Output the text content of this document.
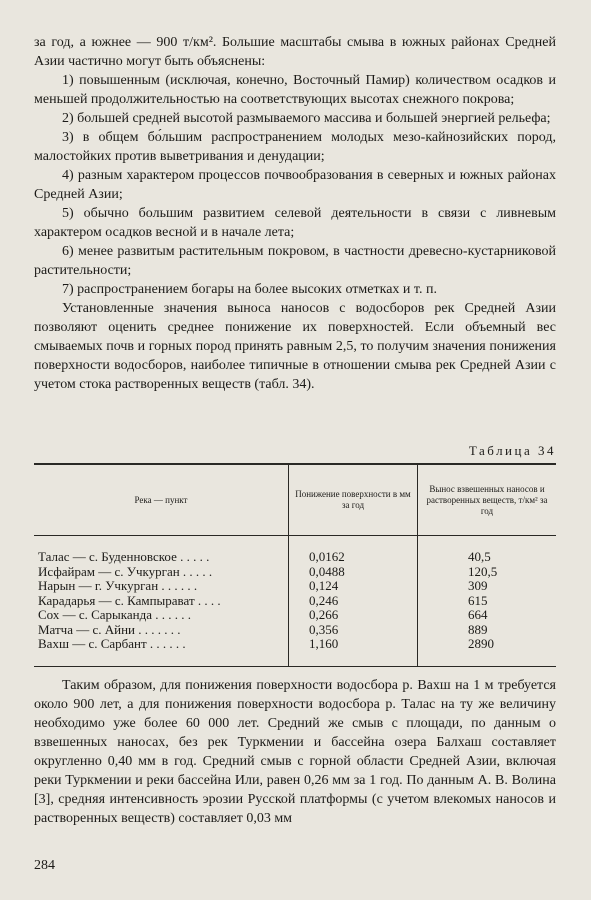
за год, а южнее — 900 т/км². Большие масштабы смыва в южных районах Средней Азии частично могут быть объяснены:

1) повышенным (исключая, конечно, Восточный Памир) количеством осадков и меньшей продолжительностью на соответствующих высотах снежного покрова;

2) большей средней высотой размываемого массива и большей энергией рельефа;

3) в общем бо́льшим распространением молодых мезо-кайнозийских пород, малостойких против выветривания и денудации;

4) разным характером процессов почвообразования в северных и южных районах Средней Азии;

5) обычно большим развитием селевой деятельности в связи с ливневым характером осадков весной и в начале лета;

6) менее развитым растительным покровом, в частности древесно-кустарниковой растительности;

7) распространением богары на более высоких отметках и т. п.

Установленные значения выноса наносов с водосборов рек Средней Азии позволяют оценить среднее понижение их поверхностей. Если объемный вес смываемых почв и горных пород принять равным 2,5, то получим значения понижения поверхности водосборов, наиболее типичные в отношении смыва рек Средней Азии с учетом стока растворенных веществ (табл. 34).

Таблица 34
Река — пункт	Понижение поверхности в мм за год	Вынос взвешенных наносов и растворенных веществ, т/км² за год
Талас — с. Буденновское . . . . .	0,0162	40,5
Исфайрам — с. Учкурган . . . . .	0,0488	120,5
Нарын — г. Учкурган . . . . . .	0,124	309
Карадарья — с. Кампырават . . . .	0,246	615
Сох — с. Сарыканда . . . . . .	0,266	664
Матча — с. Айни . . . . . . .	0,356	889
Вахш — с. Сарбант . . . . . .	1,160	2890

Таким образом, для понижения поверхности водосбора р. Вахш на 1 м требуется около 900 лет, а для понижения поверхности водосбора р. Талас на ту же величину необходимо уже более 60 000 лет. Средний же смыв с площади, по данным о взвешенных наносах, без рек Туркмении и бассейна озера Балхаш составляет округленно 0,40 мм в год. Средний смыв с горной области Средней Азии, включая реки Туркмении и реки бассейна Или, равен 0,26 мм за 1 год. По данным А. В. Волина [3], средняя интенсивность эрозии Русской платформы (с учетом влекомых наносов и растворенных веществ) составляет 0,03 мм

284
